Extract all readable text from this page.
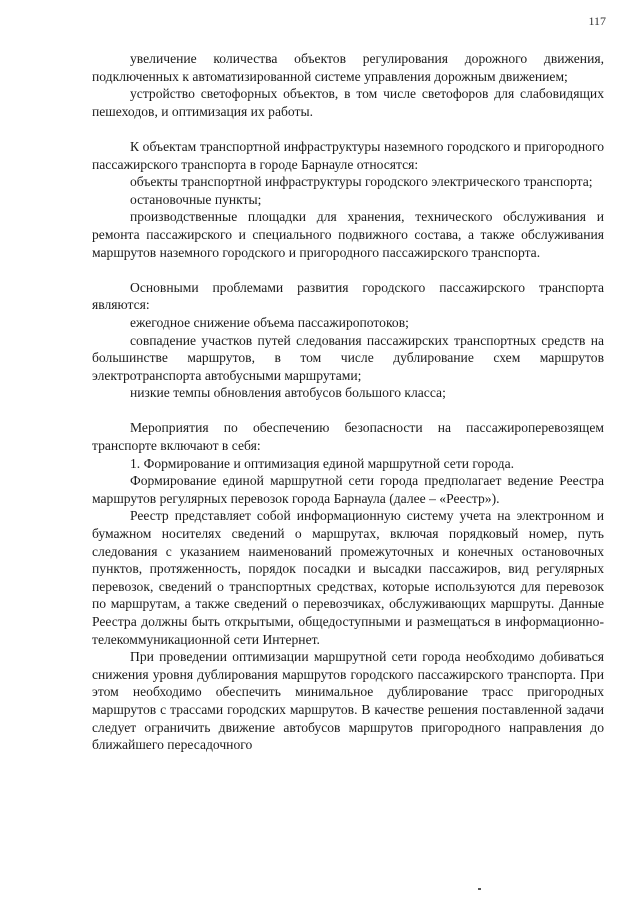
117

увеличение количества объектов регулирования дорожного движения, подключенных к автоматизированной системе управления дорожным движением;

устройство светофорных объектов, в том числе светофоров для слабовидящих пешеходов, и оптимизация их работы.

К объектам транспортной инфраструктуры наземного городского и пригородного пассажирского транспорта в городе Барнауле относятся:

объекты транспортной инфраструктуры городского электрического транспорта;

остановочные пункты;

производственные площадки для хранения, технического обслуживания и ремонта пассажирского и специального подвижного состава, а также обслуживания маршрутов наземного городского и пригородного пассажирского транспорта.

Основными проблемами развития городского пассажирского транспорта являются:

ежегодное снижение объема пассажиропотоков;

совпадение участков путей следования пассажирских транспортных средств на большинстве маршрутов, в том числе дублирование схем маршрутов электротранспорта автобусными маршрутами;

низкие темпы обновления автобусов большого класса;

Мероприятия по обеспечению безопасности на пассажироперевозящем транспорте включают в себя:

1. Формирование и оптимизация единой маршрутной сети города.

Формирование единой маршрутной сети города предполагает ведение Реестра маршрутов регулярных перевозок города Барнаула (далее – «Реестр»).

Реестр представляет собой информационную систему учета на электронном и бумажном носителях сведений о маршрутах, включая порядковый номер, путь следования с указанием наименований промежуточных и конечных остановочных пунктов, протяженность, порядок посадки и высадки пассажиров, вид регулярных перевозок, сведений о транспортных средствах, которые используются для перевозок по маршрутам, а также сведений о перевозчиках, обслуживающих маршруты. Данные Реестра должны быть открытыми, общедоступными и размещаться в информационно-телекоммуникационной сети Интернет.

При проведении оптимизации маршрутной сети города необходимо добиваться снижения уровня дублирования маршрутов городского пассажирского транспорта. При этом необходимо обеспечить минимальное дублирование трасс пригородных маршрутов с трассами городских маршрутов. В качестве решения поставленной задачи следует ограничить движение автобусов маршрутов пригородного направления до ближайшего пересадочного
